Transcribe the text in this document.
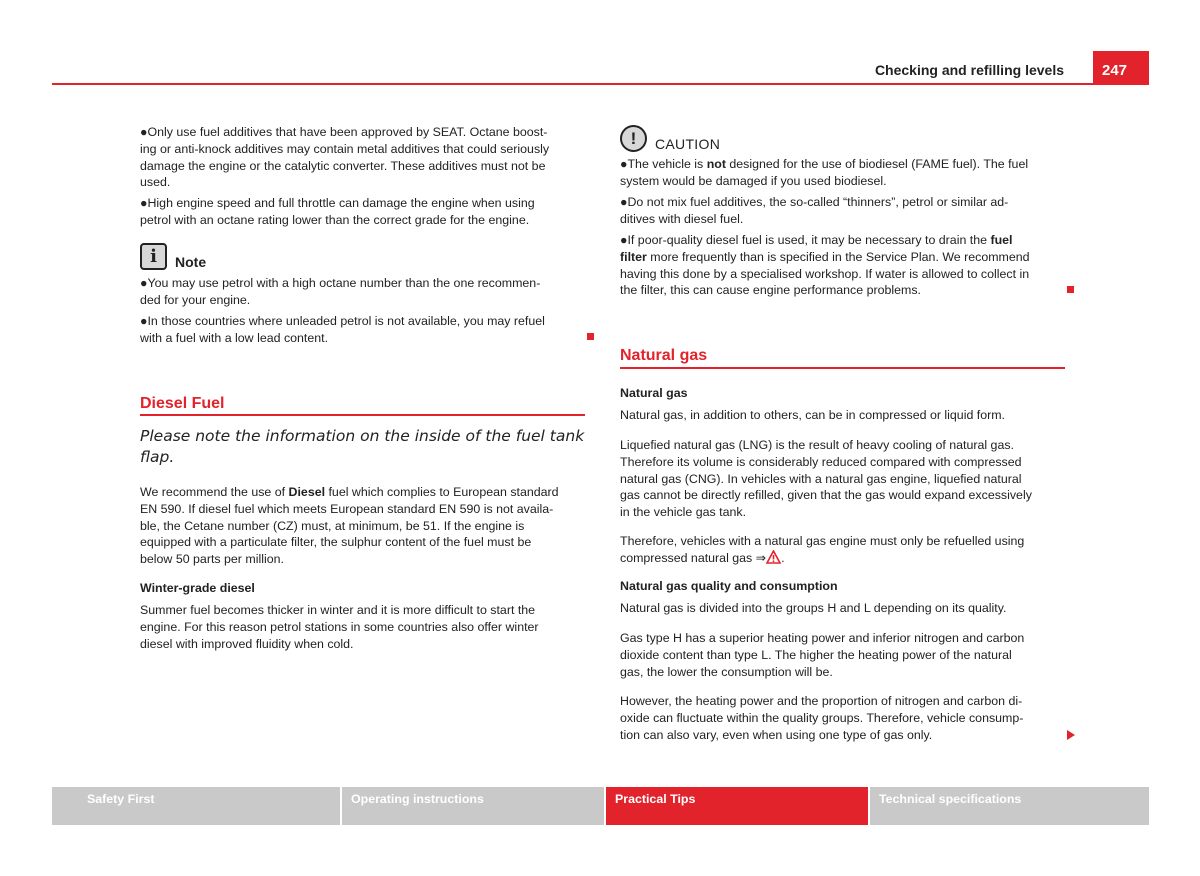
Checking and refilling levels	247
●Only use fuel additives that have been approved by SEAT. Octane boost-
ing or anti-knock additives may contain metal additives that could seriously
damage the engine or the catalytic converter. These additives must not be
used.
●High engine speed and full throttle can damage the engine when using
petrol with an octane rating lower than the correct grade for the engine.
i Note
●You may use petrol with a high octane number than the one recommen-
ded for your engine.
●In those countries where unleaded petrol is not available, you may refuel
with a fuel with a low lead content.
Diesel Fuel
Please note the information on the inside of the fuel tank
flap.
We recommend the use of Diesel fuel which complies to European standard
EN 590. If diesel fuel which meets European standard EN 590 is not availa-
ble, the Cetane number (CZ) must, at minimum, be 51. If the engine is
equipped with a particulate filter, the sulphur content of the fuel must be
below 50 parts per million.
Winter-grade diesel
Summer fuel becomes thicker in winter and it is more difficult to start the
engine. For this reason petrol stations in some countries also offer winter
diesel with improved fluidity when cold.
! CAUTION
●The vehicle is not designed for the use of biodiesel (FAME fuel). The fuel
system would be damaged if you used biodiesel.
●Do not mix fuel additives, the so-called “thinners”, petrol or similar ad-
ditives with diesel fuel.
●If poor-quality diesel fuel is used, it may be necessary to drain the fuel
filter more frequently than is specified in the Service Plan. We recommend
having this done by a specialised workshop. If water is allowed to collect in
the filter, this can cause engine performance problems.
Natural gas
Natural gas
Natural gas, in addition to others, can be in compressed or liquid form.
Liquefied natural gas (LNG) is the result of heavy cooling of natural gas.
Therefore its volume is considerably reduced compared with compressed
natural gas (CNG). In vehicles with a natural gas engine, liquefied natural
gas cannot be directly refilled, given that the gas would expand excessively
in the vehicle gas tank.
Therefore, vehicles with a natural gas engine must only be refuelled using
compressed natural gas ⇒ .
Natural gas quality and consumption
Natural gas is divided into the groups H and L depending on its quality.
Gas type H has a superior heating power and inferior nitrogen and carbon
dioxide content than type L. The higher the heating power of the natural
gas, the lower the consumption will be.
However, the heating power and the proportion of nitrogen and carbon di-
oxide can fluctuate within the quality groups. Therefore, vehicle consump-
tion can also vary, even when using one type of gas only.
Safety First	Operating instructions	Practical Tips	Technical specifications
